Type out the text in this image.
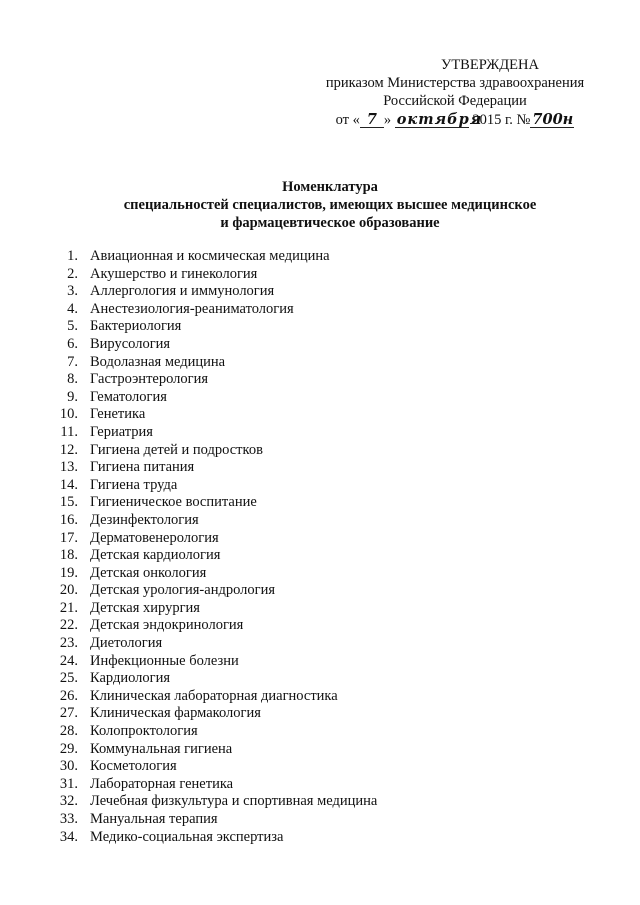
УТВЕРЖДЕНА
приказом Министерства здравоохранения
Российской Федерации
от « 7 » октября 2015 г. № 700н
Номенклатура
специальностей специалистов, имеющих высшее медицинское
и фармацевтическое образование
1. Авиационная и космическая медицина
2. Акушерство и гинекология
3. Аллергология и иммунология
4. Анестезиология-реаниматология
5. Бактериология
6. Вирусология
7. Водолазная медицина
8. Гастроэнтерология
9. Гематология
10. Генетика
11. Гериатрия
12. Гигиена детей и подростков
13. Гигиена питания
14. Гигиена труда
15. Гигиеническое воспитание
16. Дезинфектология
17. Дерматовенерология
18. Детская кардиология
19. Детская онкология
20. Детская урология-андрология
21. Детская хирургия
22. Детская эндокринология
23. Диетология
24. Инфекционные болезни
25. Кардиология
26. Клиническая лабораторная диагностика
27. Клиническая фармакология
28. Колопроктология
29. Коммунальная гигиена
30. Косметология
31. Лабораторная генетика
32. Лечебная физкультура и спортивная медицина
33. Мануальная терапия
34. Медико-социальная экспертиза
